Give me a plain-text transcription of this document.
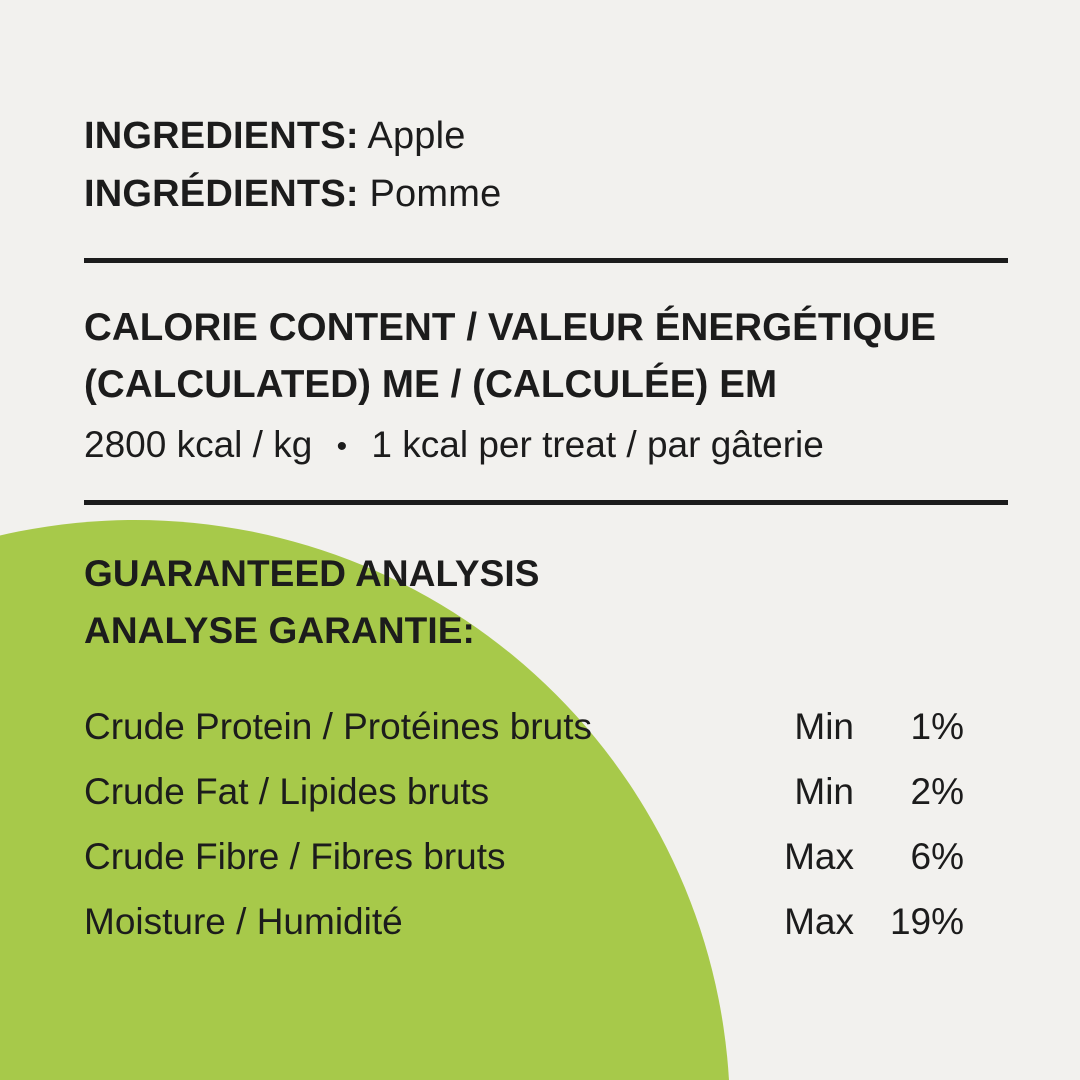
INGREDIENTS: Apple
INGRÉDIENTS: Pomme
CALORIE CONTENT / VALEUR ÉNERGÉTIQUE
(CALCULATED) ME / (CALCULÉE) EM
2800 kcal / kg • 1 kcal per treat / par gâterie
GUARANTEED ANALYSIS
ANALYSE GARANTIE:
Crude Protein / Protéines bruts	Min	1%
Crude Fat / Lipides bruts	Min	2%
Crude Fibre / Fibres bruts	Max	6%
Moisture / Humidité	Max	19%
